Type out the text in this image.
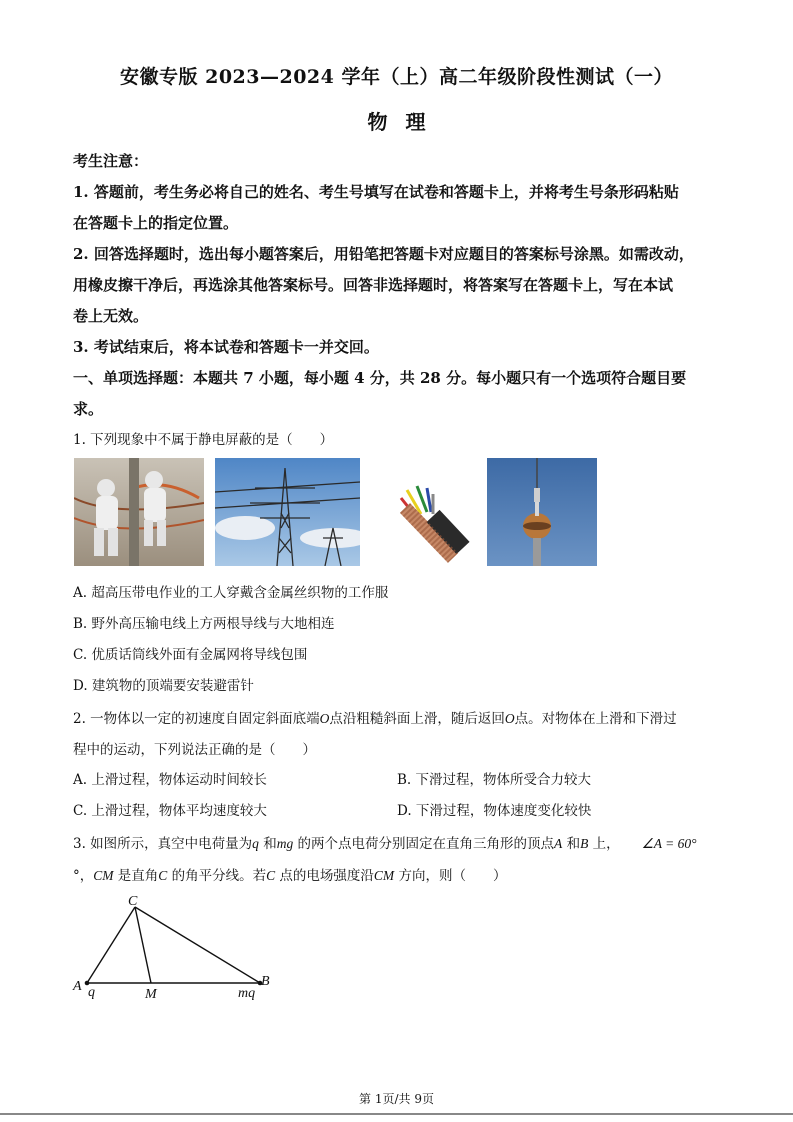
安徽专版 2023—2024 学年（上）高二年级阶段性测试（一）
物理
考生注意：
1. 答题前，考生务必将自己的姓名、考生号填写在试卷和答题卡上，并将考生号条形码粘贴
在答题卡上的指定位置。
2. 回答选择题时，选出每小题答案后，用铅笔把答题卡对应题目的答案标号涂黑。如需改动，
用橡皮擦干净后，再选涂其他答案标号。回答非选择题时，将答案写在答题卡上，写在本试
卷上无效。
3. 考试结束后，将本试卷和答题卡一并交回。
一、单项选择题：本题共 7 小题，每小题 4 分，共 28 分。每小题只有一个选项符合题目要
求。
1. 下列现象中不属于静电屏蔽的是（　　）
A. 超高压带电作业的工人穿戴含金属丝织物的工作服
B. 野外高压输电线上方两根导线与大地相连
C. 优质话筒线外面有金属网将导线包围
D. 建筑物的顶端要安装避雷针
2. 一物体以一定的初速度自固定斜面底端O点沿粗糙斜面上滑，随后返回O点。对物体在上滑和下滑过
程中的运动，下列说法正确的是（　　）
A. 上滑过程，物体运动时间较长	B. 下滑过程，物体所受合力较大
C. 上滑过程，物体平均速度较大	D. 下滑过程，物体速度变化较快
3. 如图所示，真空中电荷量为q 和mg 的两个点电荷分别固定在直角三角形的顶点A 和B 上， ∠A = 60°
°，CM 是直角C 的角平分线。若C 点的电场强度沿CM 方向，则（　　）
C
A q	M	mq
B
第 1页/共 9页
